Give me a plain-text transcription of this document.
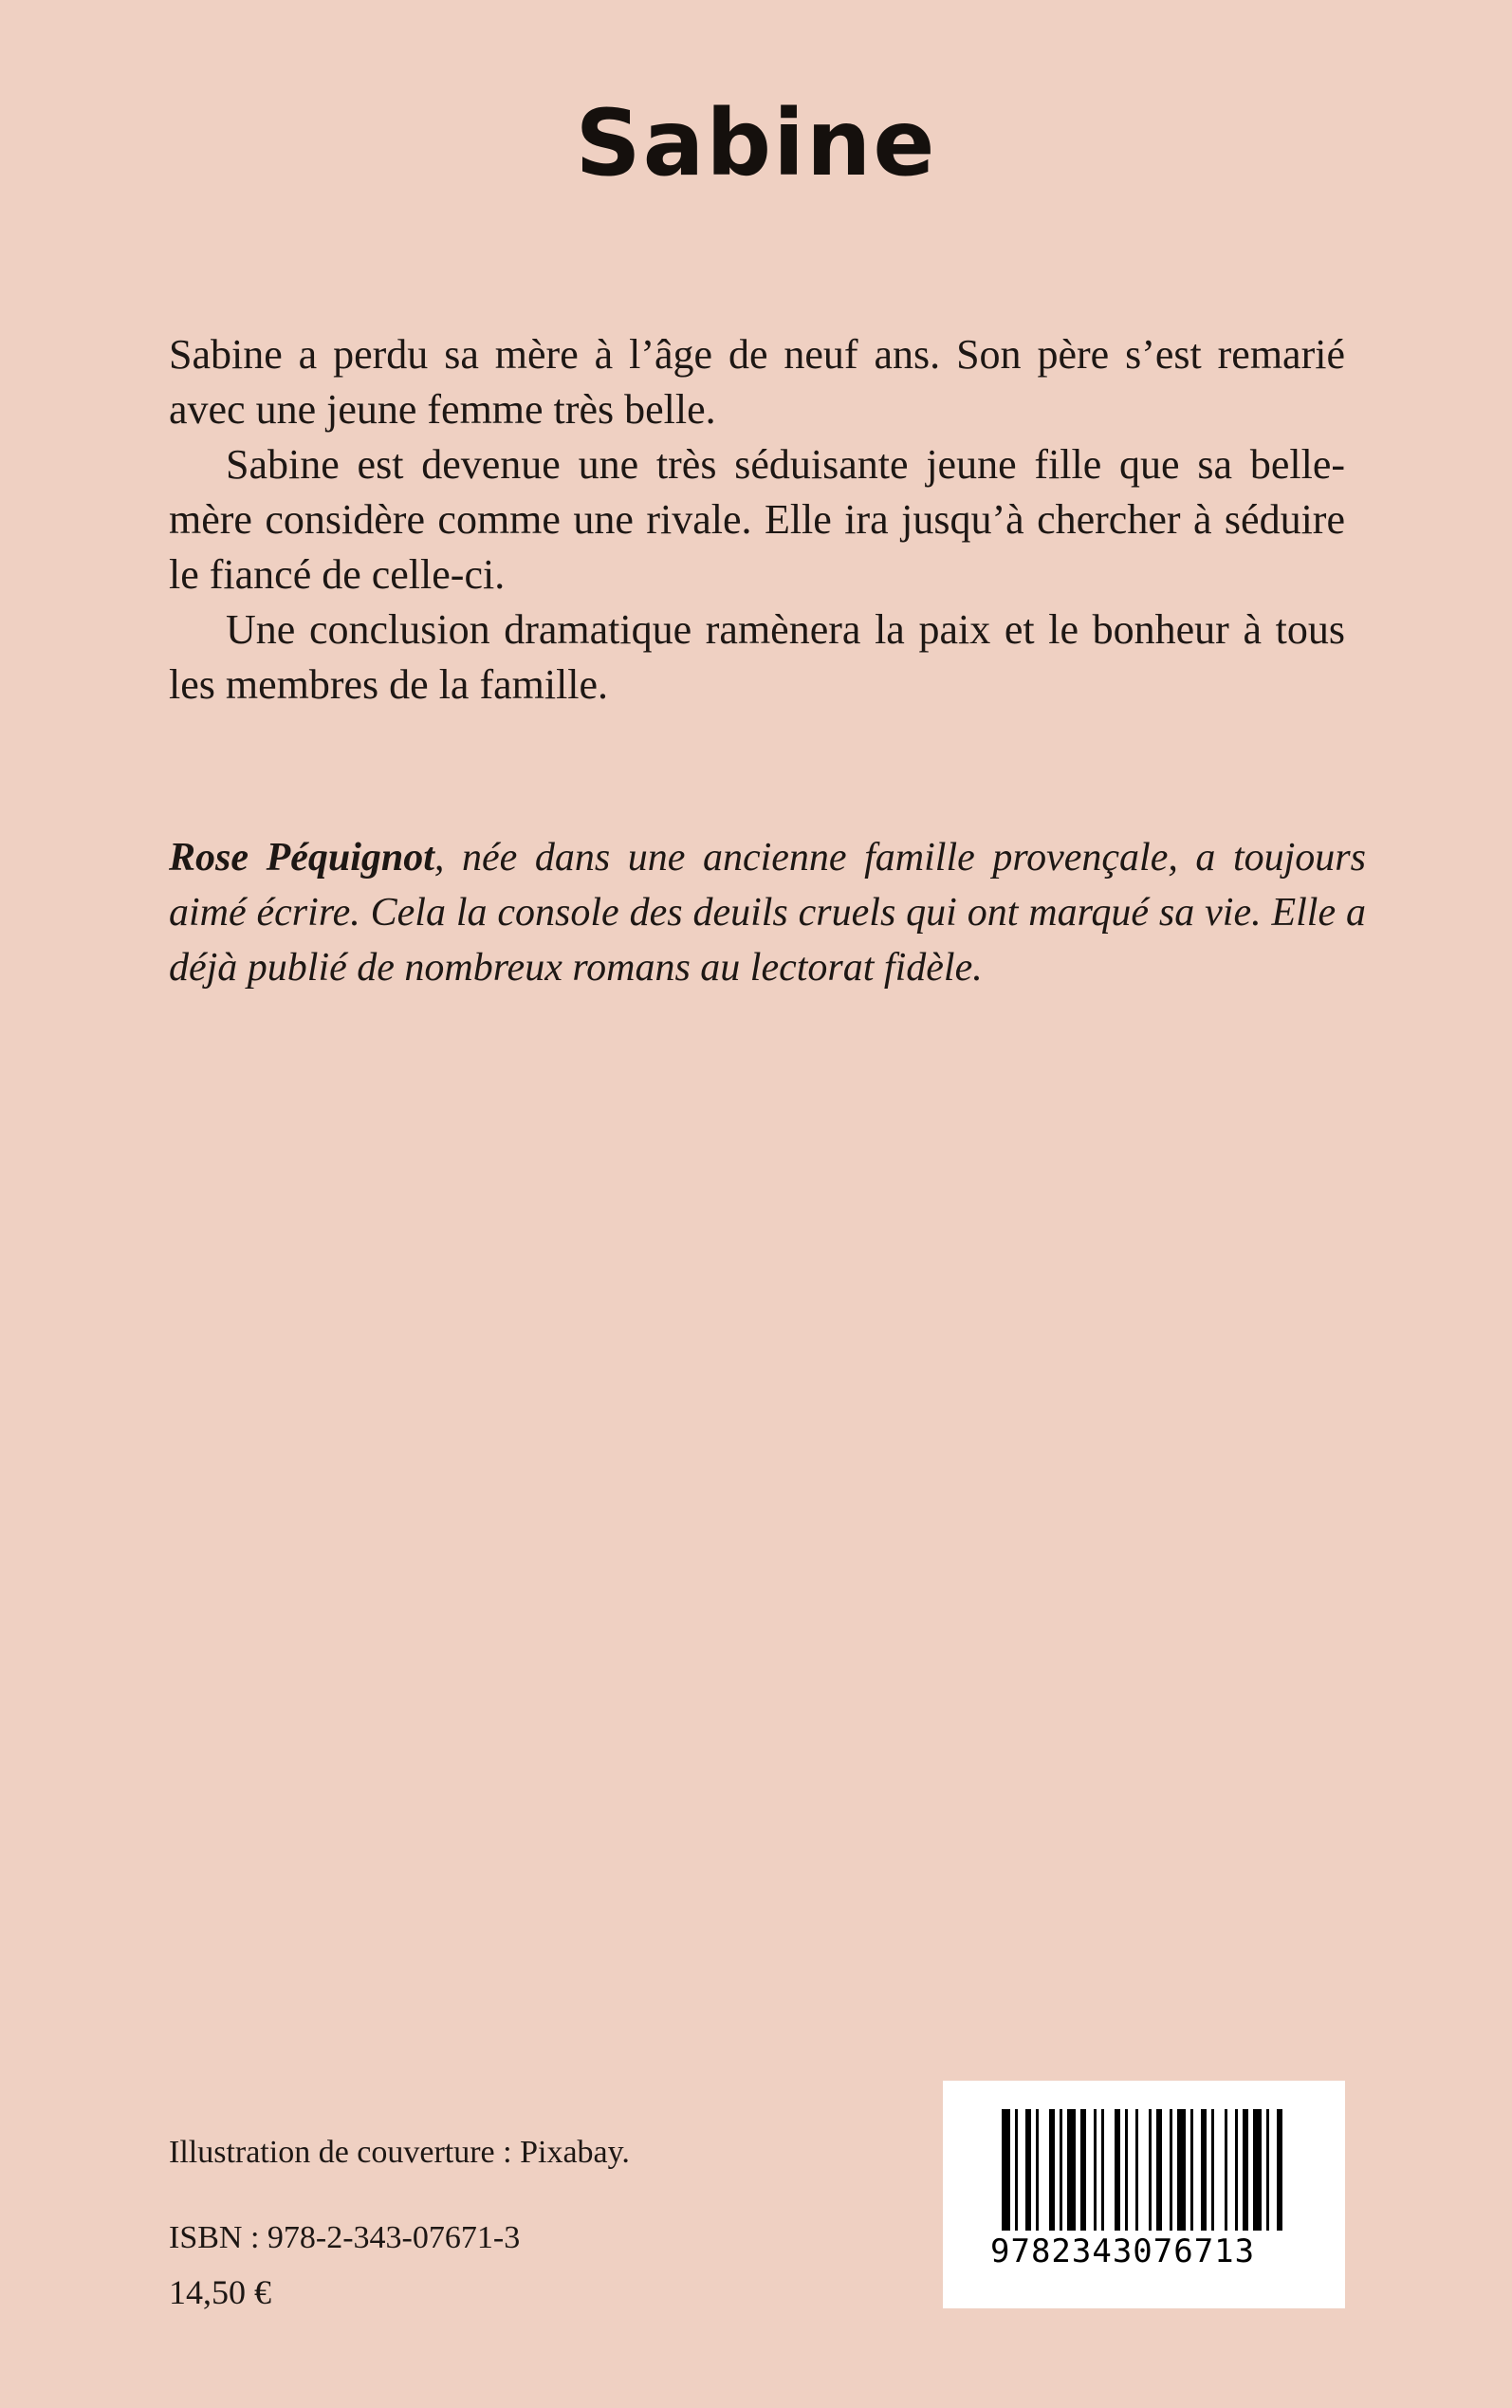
Sabine

Sabine a perdu sa mère à l’âge de neuf ans. Son père s’est remarié avec une jeune femme très belle.

Sabine est devenue une très séduisante jeune fille que sa belle-mère considère comme une rivale. Elle ira jusqu’à chercher à séduire le fiancé de celle-ci.

Une conclusion dramatique ramènera la paix et le bonheur à tous les membres de la famille.

Rose Péquignot, née dans une ancienne famille provençale, a toujours aimé écrire. Cela la console des deuils cruels qui ont marqué sa vie. Elle a déjà publié de nombreux romans au lectorat fidèle.

Illustration de couverture : Pixabay.
ISBN : 978-2-343-07671-3
14,50 €
9782343076713
